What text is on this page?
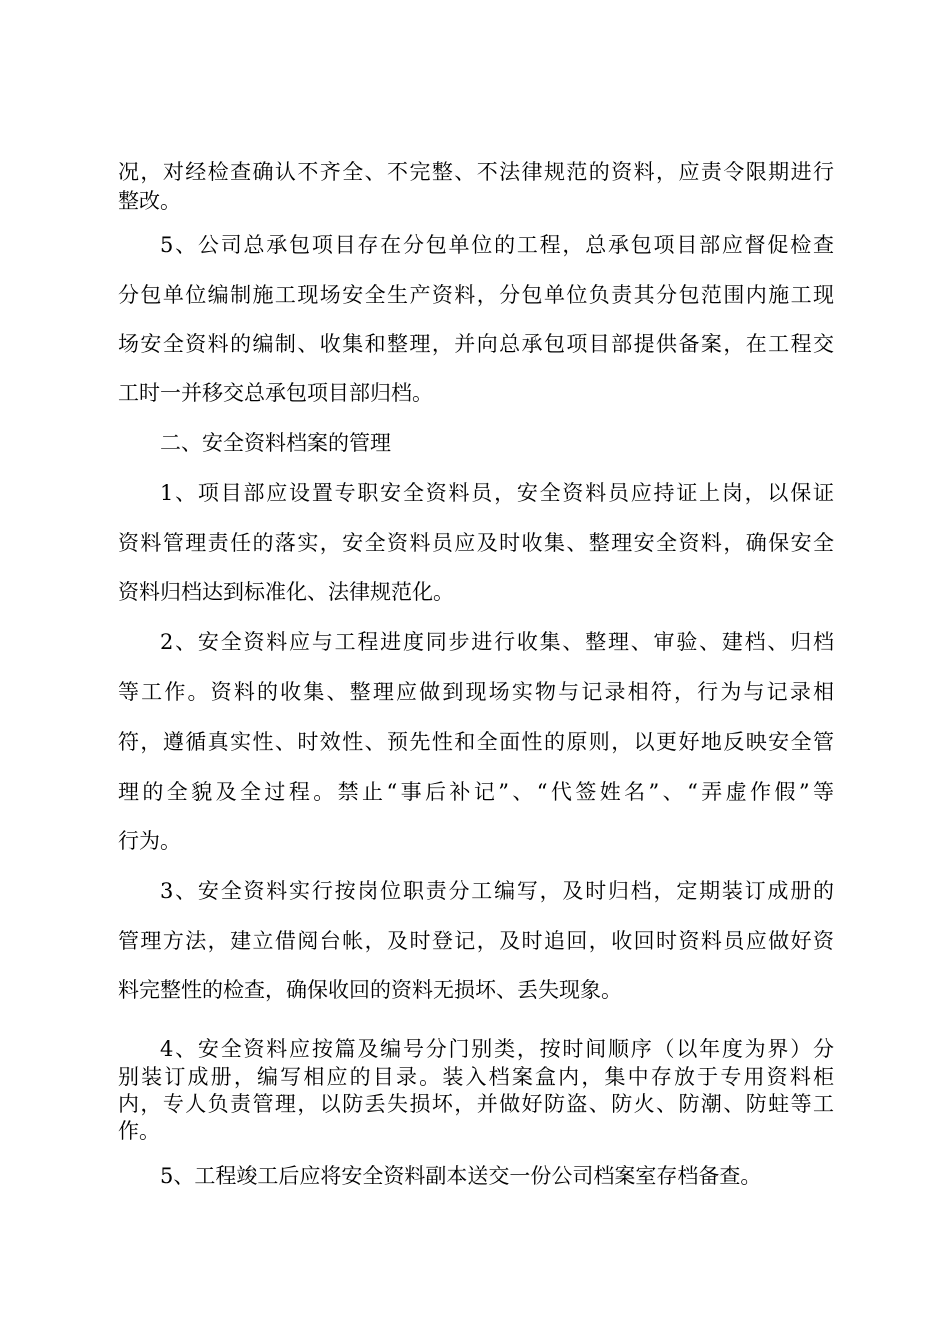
况，对经检查确认不齐全、不完整、不法律规范的资料，应责令限期进行
整改。
5、公司总承包项目存在分包单位的工程，总承包项目部应督促检查
分包单位编制施工现场安全生产资料，分包单位负责其分包范围内施工现
场安全资料的编制、收集和整理，并向总承包项目部提供备案，在工程交
工时一并移交总承包项目部归档。
二、安全资料档案的管理
1、项目部应设置专职安全资料员，安全资料员应持证上岗，以保证
资料管理责任的落实，安全资料员应及时收集、整理安全资料，确保安全
资料归档达到标准化、法律规范化。
2、安全资料应与工程进度同步进行收集、整理、审验、建档、归档
等工作。资料的收集、整理应做到现场实物与记录相符，行为与记录相
符，遵循真实性、时效性、预先性和全面性的原则，以更好地反映安全管
理的全貌及全过程。禁止“事后补记”、“代签姓名”、“弄虚作假”等
行为。
3、安全资料实行按岗位职责分工编写，及时归档，定期装订成册的
管理方法，建立借阅台帐，及时登记，及时追回，收回时资料员应做好资
料完整性的检查，确保收回的资料无损坏、丢失现象。
4、安全资料应按篇及编号分门别类，按时间顺序（以年度为界）分
别装订成册，编写相应的目录。装入档案盒内，集中存放于专用资料柜
内，专人负责管理，以防丢失损坏，并做好防盗、防火、防潮、防蛀等工
作。
5、工程竣工后应将安全资料副本送交一份公司档案室存档备查。
